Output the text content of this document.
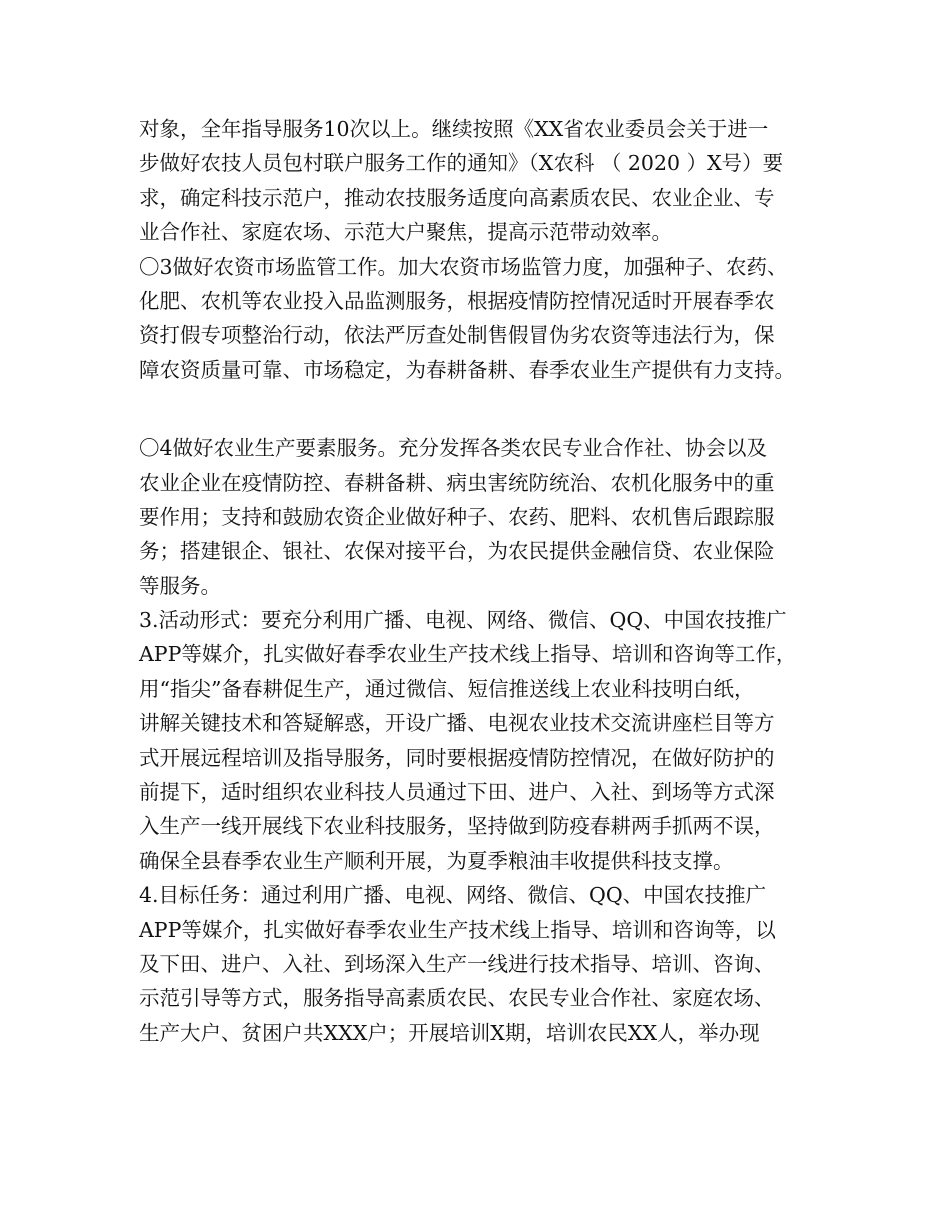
对象，全年指导服务10次以上。继续按照《XX省农业委员会关于进一
步做好农技人员包村联户服务工作的通知》（X农科 （ 2020 ）X号）要
求，确定科技示范户，推动农技服务适度向高素质农民、农业企业、专
业合作社、家庭农场、示范大户聚焦，提高示范带动效率。
〇3做好农资市场监管工作。加大农资市场监管力度，加强种子、农药、
化肥、农机等农业投入品监测服务，根据疫情防控情况适时开展春季农
资打假专项整治行动，依法严厉查处制售假冒伪劣农资等违法行为，保
障农资质量可靠、市场稳定，为春耕备耕、春季农业生产提供有力支持。
〇4做好农业生产要素服务。充分发挥各类农民专业合作社、协会以及
农业企业在疫情防控、春耕备耕、病虫害统防统治、农机化服务中的重
要作用；支持和鼓励农资企业做好种子、农药、肥料、农机售后跟踪服
务；搭建银企、银社、农保对接平台，为农民提供金融信贷、农业保险
等服务。
3.活动形式：要充分利用广播、电视、网络、微信、QQ、中国农技推广
APP等媒介，扎实做好春季农业生产技术线上指导、培训和咨询等工作，
用“指尖”备春耕促生产，通过微信、短信推送线上农业科技明白纸，
讲解关键技术和答疑解惑，开设广播、电视农业技术交流讲座栏目等方
式开展远程培训及指导服务，同时要根据疫情防控情况，在做好防护的
前提下，适时组织农业科技人员通过下田、进户、入社、到场等方式深
入生产一线开展线下农业科技服务，坚持做到防疫春耕两手抓两不误，
确保全县春季农业生产顺利开展，为夏季粮油丰收提供科技支撑。
4.目标任务：通过利用广播、电视、网络、微信、QQ、中国农技推广
APP等媒介，扎实做好春季农业生产技术线上指导、培训和咨询等，以
及下田、进户、入社、到场深入生产一线进行技术指导、培训、咨询、
示范引导等方式，服务指导高素质农民、农民专业合作社、家庭农场、
生产大户、贫困户共XXX户；开展培训X期，培训农民XX人，举办现
